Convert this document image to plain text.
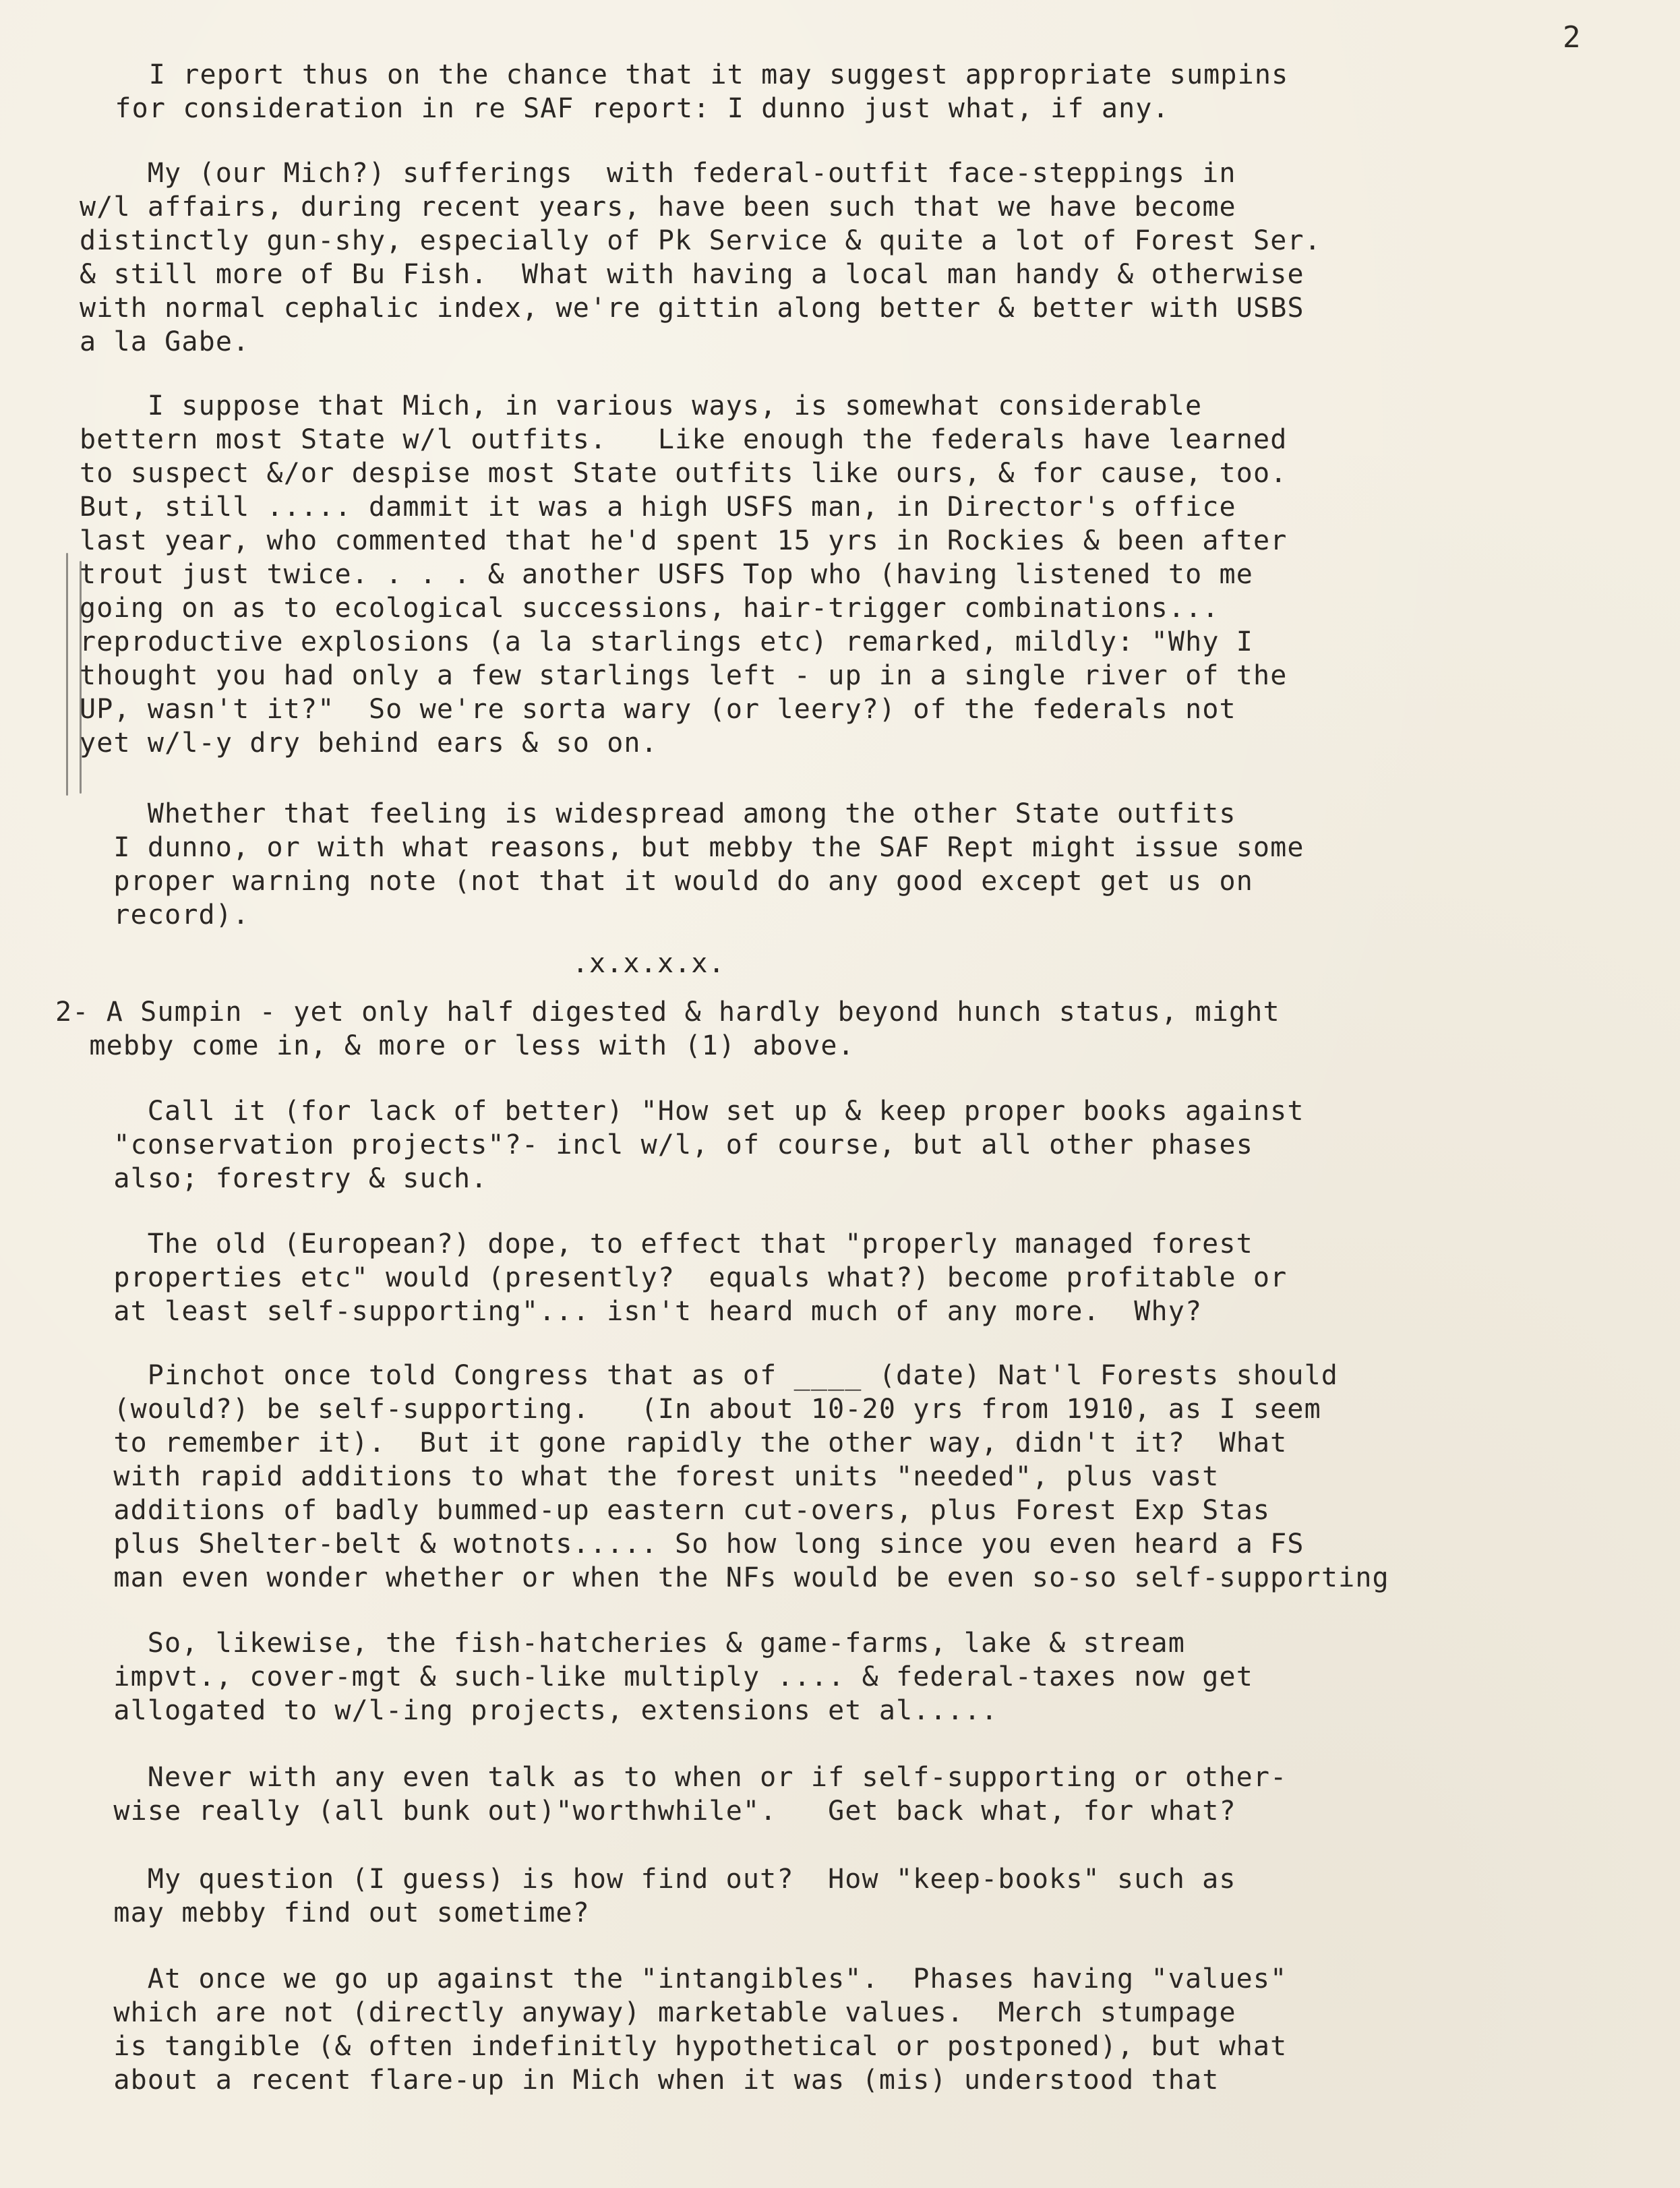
2
I report thus on the chance that it may suggest appropriate sumpins
for consideration in re SAF report: I dunno just what, if any.
My (our Mich?) sufferings  with federal-outfit face-steppings in
w/l affairs, during recent years, have been such that we have become
distinctly gun-shy, especially of Pk Service & quite a lot of Forest Ser.
& still more of Bu Fish.  What with having a local man handy & otherwise
with normal cephalic index, we're gittin along better & better with USBS
a la Gabe.
I suppose that Mich, in various ways, is somewhat considerable
bettern most State w/l outfits.   Like enough the federals have learned
to suspect &/or despise most State outfits like ours, & for cause, too.
But, still ..... dammit it was a high USFS man, in Director's office
last year, who commented that he'd spent 15 yrs in Rockies & been after
trout just twice. . . . & another USFS Top who (having listened to me
going on as to ecological successions, hair-trigger combinations...
reproductive explosions (a la starlings etc) remarked, mildly: "Why I
thought you had only a few starlings left - up in a single river of the
UP, wasn't it?"  So we're sorta wary (or leery?) of the federals not
yet w/l-y dry behind ears & so on.
Whether that feeling is widespread among the other State outfits
I dunno, or with what reasons, but mebby the SAF Rept might issue some
proper warning note (not that it would do any good except get us on
record).
.x.x.x.x.
2- A Sumpin - yet only half digested & hardly beyond hunch status, might
mebby come in, & more or less with (1) above.
Call it (for lack of better) "How set up & keep proper books against
"conservation projects"?- incl w/l, of course, but all other phases
also; forestry & such.
The old (European?) dope, to effect that "properly managed forest
properties etc" would (presently?  equals what?) become profitable or
at least self-supporting"... isn't heard much of any more.  Why?
Pinchot once told Congress that as of ____ (date) Nat'l Forests should
(would?) be self-supporting.   (In about 10-20 yrs from 1910, as I seem
to remember it).  But it gone rapidly the other way, didn't it?  What
with rapid additions to what the forest units "needed", plus vast
additions of badly bummed-up eastern cut-overs, plus Forest Exp Stas
plus Shelter-belt & wotnots..... So how long since you even heard a FS
man even wonder whether or when the NFs would be even so-so self-supporting
So, likewise, the fish-hatcheries & game-farms, lake & stream
impvt., cover-mgt & such-like multiply .... & federal-taxes now get
allogated to w/l-ing projects, extensions et al.....
Never with any even talk as to when or if self-supporting or other-
wise really (all bunk out)"worthwhile".   Get back what, for what?
My question (I guess) is how find out?  How "keep-books" such as
may mebby find out sometime?
At once we go up against the "intangibles".  Phases having "values"
which are not (directly anyway) marketable values.  Merch stumpage
is tangible (& often indefinitly hypothetical or postponed), but what
about a recent flare-up in Mich when it was (mis) understood that
